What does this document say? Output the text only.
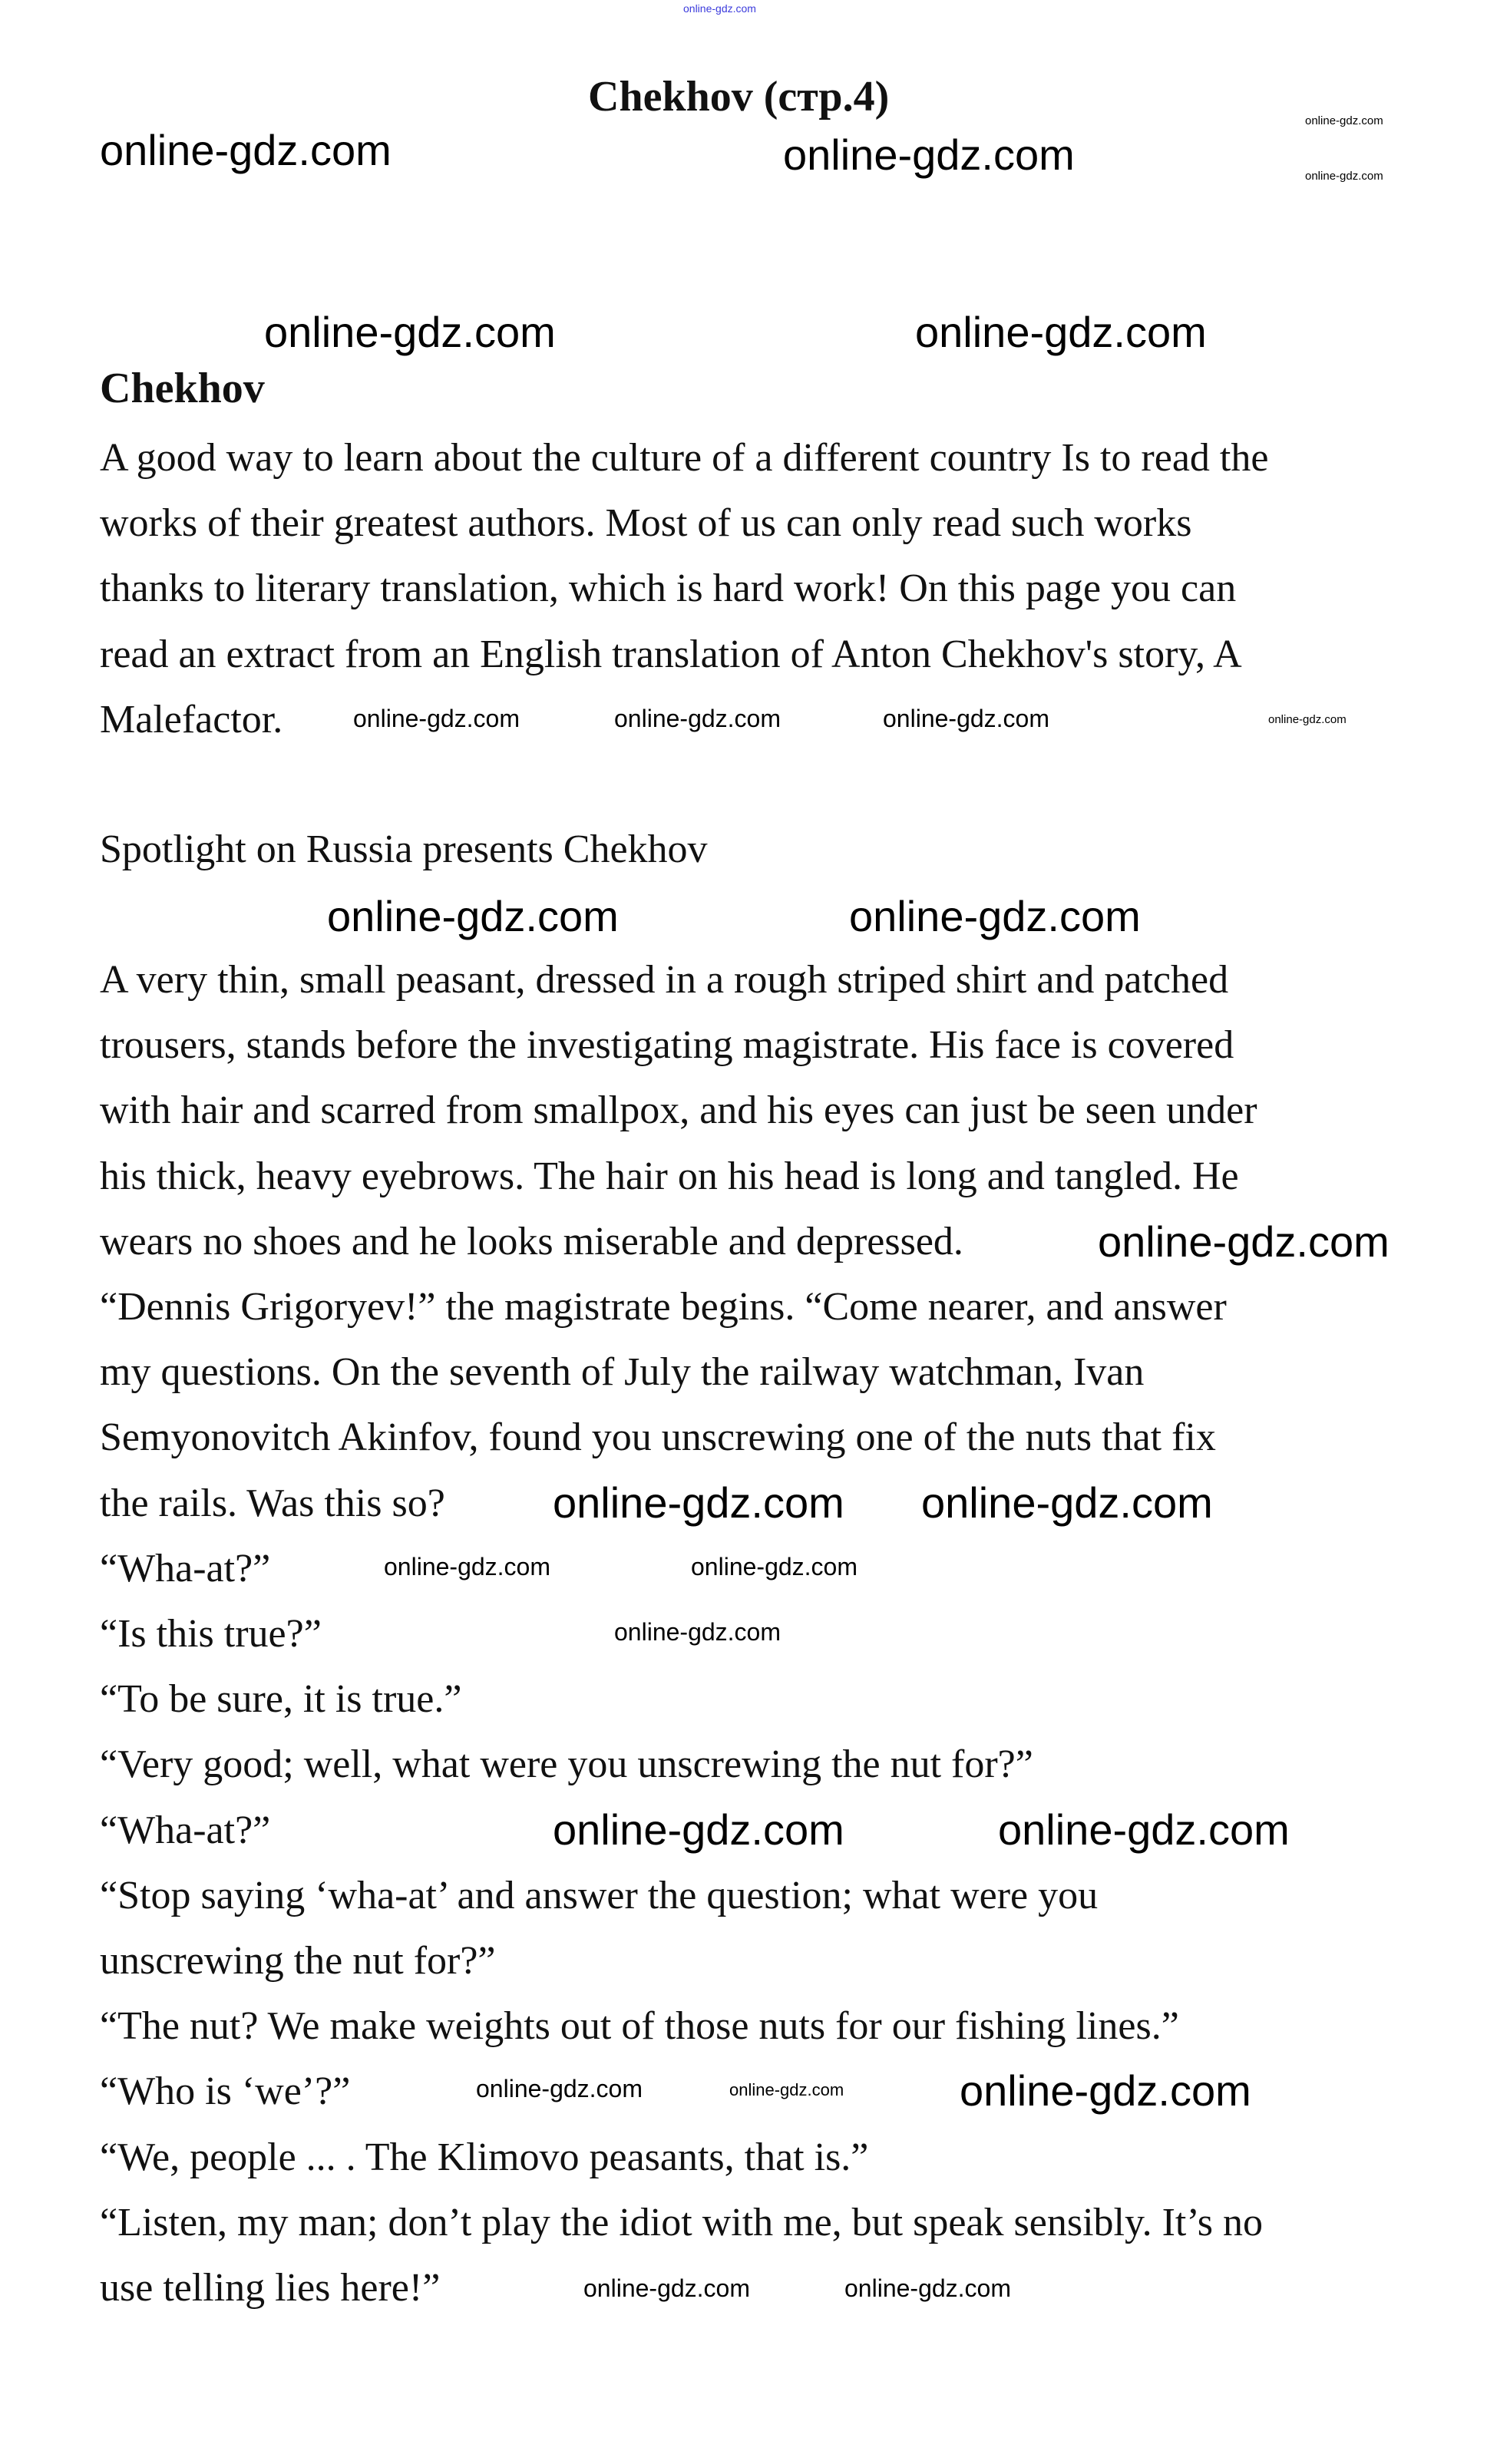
online-gdz.com
Chekhov (стр.4)
Chekhov
A good way to learn about the culture of a different country Is to read the
works of their greatest authors. Most of us can only read such works
thanks to literary translation, which is hard work! On this page you can
read an extract from an English translation of Anton Chekhov's story, A
Malefactor.
Spotlight on Russia presents Chekhov
A very thin, small peasant, dressed in a rough striped shirt and patched
trousers, stands before the investigating magistrate. His face is covered
with hair and scarred from smallpox, and his eyes can just be seen under
his thick, heavy eyebrows. The hair on his head is long and tangled. He
wears no shoes and he looks miserable and depressed.
“Dennis Grigoryev!” the magistrate begins. “Come nearer, and answer
my questions. On the seventh of July the railway watchman, Ivan
Semyonovitch Akinfov, found you unscrewing one of the nuts that fix
the rails. Was this so?
“Wha-at?”
“Is this true?”
“To be sure, it is true.”
“Very good; well, what were you unscrewing the nut for?”
“Wha-at?”
“Stop saying ‘wha-at’ and answer the question; what were you
unscrewing the nut for?”
“The nut? We make weights out of those nuts for our fishing lines.”
“Who is ‘we’?”
“We, people ... . The Klimovo peasants, that is.”
“Listen, my man; don’t play the idiot with me, but speak sensibly. It’s no
use telling lies here!”
online-gdz.com	online-gdz.com
online-gdz.com
online-gdz.com
online-gdz.com	online-gdz.com
online-gdz.com	online-gdz.com	online-gdz.com	online-gdz.com
online-gdz.com	online-gdz.com
online-gdz.com
online-gdz.com
online-gdz.com
online-gdz.com
online-gdz.com
online-gdz.com	online-gdz.com
online-gdz.com
online-gdz.com	online-gdz.com	online-gdz.com
online-gdz.com	online-gdz.com
